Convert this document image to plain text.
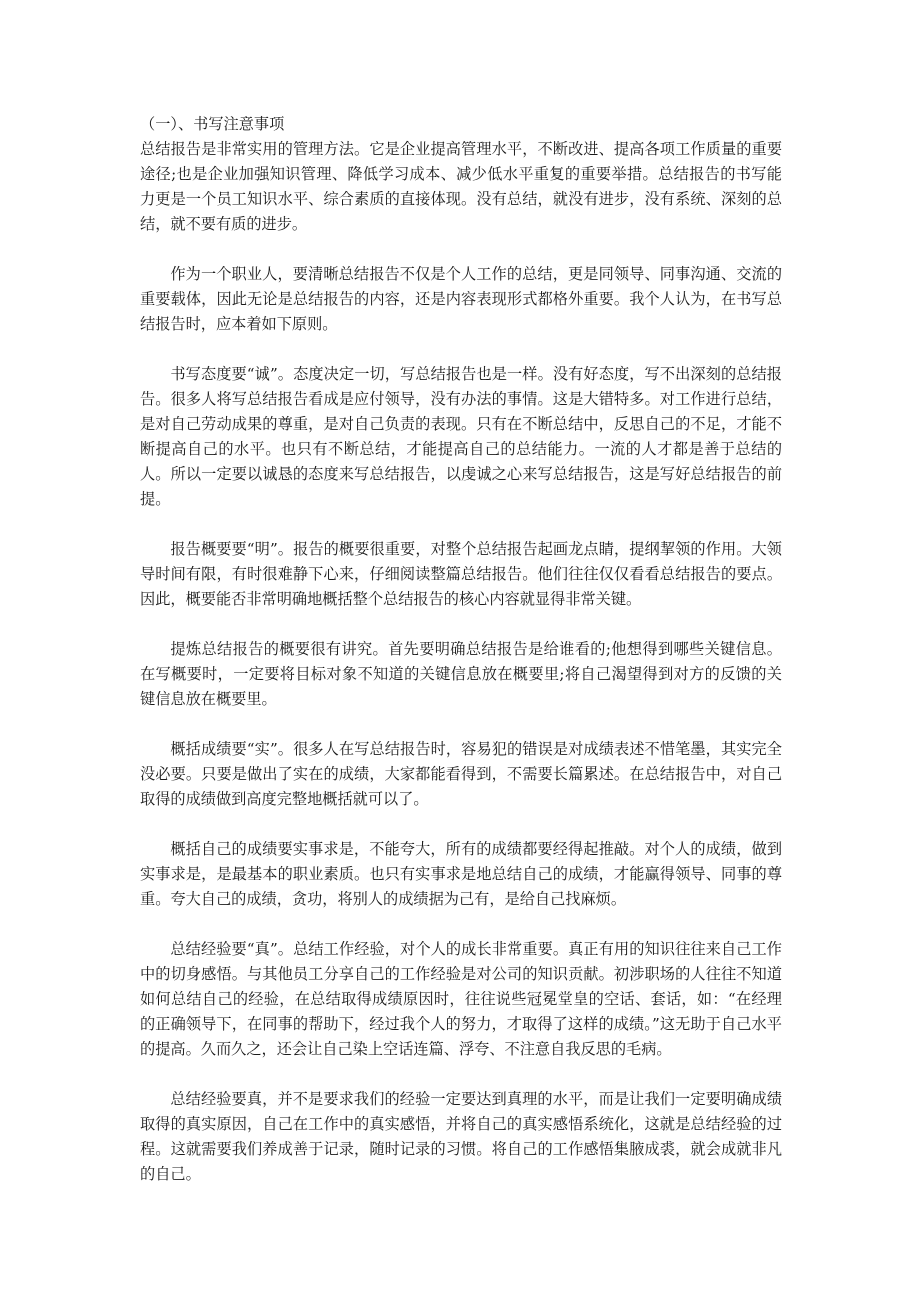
（一）、书写注意事项

总结报告是非常实用的管理方法。它是企业提高管理水平，不断改进、提高各项工作质量的重要途径;也是企业加强知识管理、降低学习成本、减少低水平重复的重要举措。总结报告的书写能力更是一个员工知识水平、综合素质的直接体现。没有总结，就没有进步，没有系统、深刻的总结，就不要有质的进步。

作为一个职业人，要清晰总结报告不仅是个人工作的总结，更是同领导、同事沟通、交流的重要载体，因此无论是总结报告的内容，还是内容表现形式都格外重要。我个人认为，在书写总结报告时，应本着如下原则。

书写态度要“诚”。态度决定一切，写总结报告也是一样。没有好态度，写不出深刻的总结报告。很多人将写总结报告看成是应付领导，没有办法的事情。这是大错特多。对工作进行总结，是对自己劳动成果的尊重，是对自己负责的表现。只有在不断总结中，反思自己的不足，才能不断提高自己的水平。也只有不断总结，才能提高自己的总结能力。一流的人才都是善于总结的人。所以一定要以诚恳的态度来写总结报告，以虔诚之心来写总结报告，这是写好总结报告的前提。

报告概要要“明”。报告的概要很重要，对整个总结报告起画龙点睛，提纲挈领的作用。大领导时间有限，有时很难静下心来，仔细阅读整篇总结报告。他们往往仅仅看看总结报告的要点。因此，概要能否非常明确地概括整个总结报告的核心内容就显得非常关键。

提炼总结报告的概要很有讲究。首先要明确总结报告是给谁看的;他想得到哪些关键信息。在写概要时，一定要将目标对象不知道的关键信息放在概要里;将自己渴望得到对方的反馈的关键信息放在概要里。

概括成绩要“实”。很多人在写总结报告时，容易犯的错误是对成绩表述不惜笔墨，其实完全没必要。只要是做出了实在的成绩，大家都能看得到，不需要长篇累述。在总结报告中，对自己取得的成绩做到高度完整地概括就可以了。

概括自己的成绩要实事求是，不能夸大，所有的成绩都要经得起推敲。对个人的成绩，做到实事求是，是最基本的职业素质。也只有实事求是地总结自己的成绩，才能赢得领导、同事的尊重。夸大自己的成绩，贪功，将别人的成绩据为己有，是给自己找麻烦。

总结经验要“真”。总结工作经验，对个人的成长非常重要。真正有用的知识往往来自己工作中的切身感悟。与其他员工分享自己的工作经验是对公司的知识贡献。初涉职场的人往往不知道如何总结自己的经验，在总结取得成绩原因时，往往说些冠冕堂皇的空话、套话，如：“在经理的正确领导下，在同事的帮助下，经过我个人的努力，才取得了这样的成绩。”这无助于自己水平的提高。久而久之，还会让自己染上空话连篇、浮夸、不注意自我反思的毛病。

总结经验要真，并不是要求我们的经验一定要达到真理的水平，而是让我们一定要明确成绩取得的真实原因，自己在工作中的真实感悟，并将自己的真实感悟系统化，这就是总结经验的过程。这就需要我们养成善于记录，随时记录的习惯。将自己的工作感悟集腋成裘，就会成就非凡的自己。
